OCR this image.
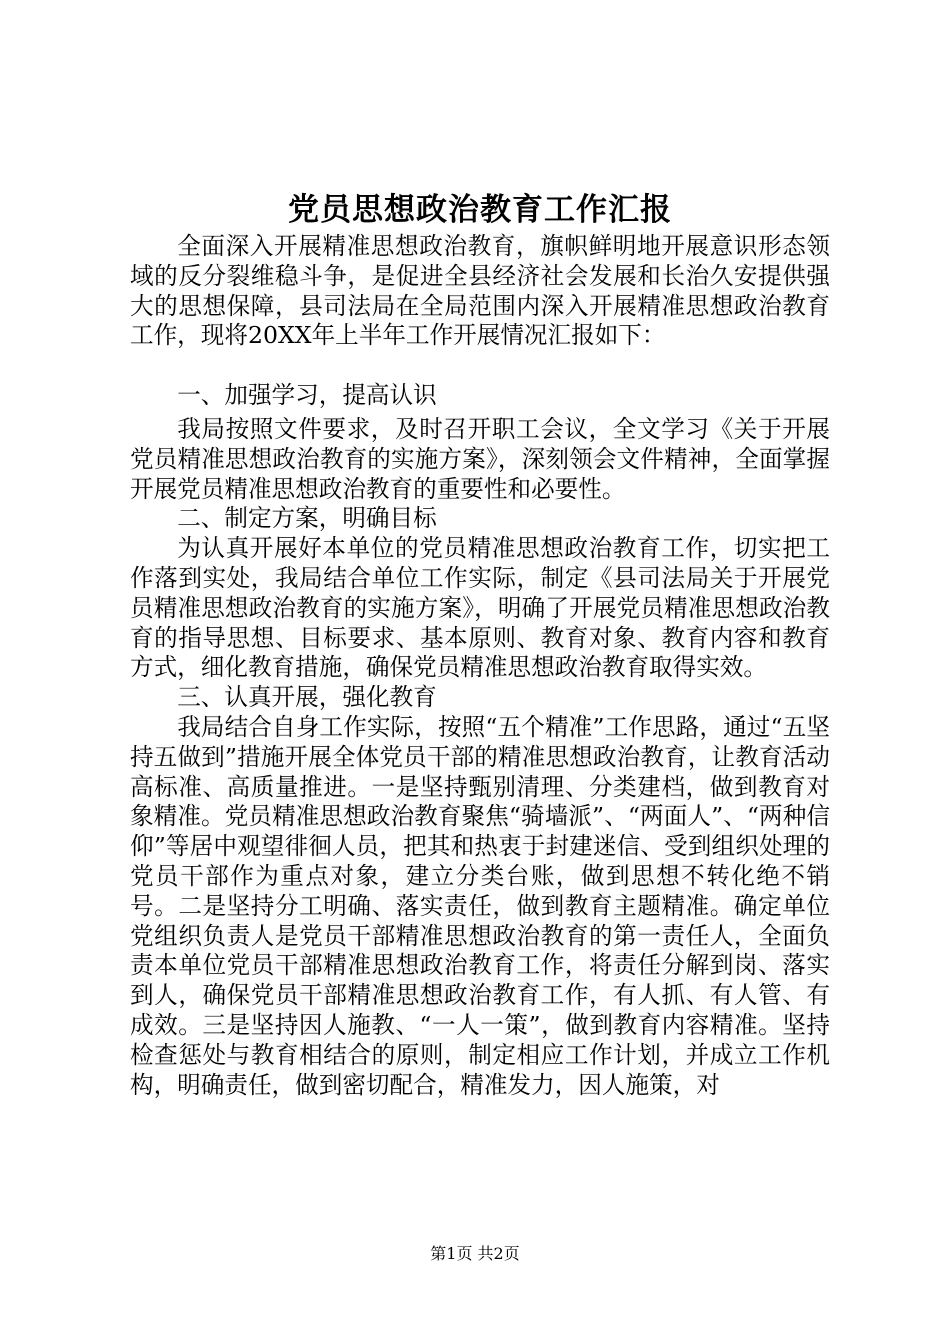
党员思想政治教育工作汇报

全面深入开展精准思想政治教育，旗帜鲜明地开展意识形态领域的反分裂维稳斗争，是促进全县经济社会发展和长治久安提供强大的思想保障，县司法局在全局范围内深入开展精准思想政治教育工作，现将20XX年上半年工作开展情况汇报如下：

一、加强学习，提高认识

我局按照文件要求，及时召开职工会议，全文学习《关于开展党员精准思想政治教育的实施方案》，深刻领会文件精神，全面掌握开展党员精准思想政治教育的重要性和必要性。

二、制定方案，明确目标

为认真开展好本单位的党员精准思想政治教育工作，切实把工作落到实处，我局结合单位工作实际，制定《县司法局关于开展党员精准思想政治教育的实施方案》，明确了开展党员精准思想政治教育的指导思想、目标要求、基本原则、教育对象、教育内容和教育方式，细化教育措施，确保党员精准思想政治教育取得实效。

三、认真开展，强化教育

我局结合自身工作实际，按照“五个精准”工作思路，通过“五坚持五做到”措施开展全体党员干部的精准思想政治教育，让教育活动高标准、高质量推进。一是坚持甄别清理、分类建档，做到教育对象精准。党员精准思想政治教育聚焦“骑墙派”、“两面人”、“两种信仰”等居中观望徘徊人员，把其和热衷于封建迷信、受到组织处理的党员干部作为重点对象，建立分类台账，做到思想不转化绝不销号。二是坚持分工明确、落实责任，做到教育主题精准。确定单位党组织负责人是党员干部精准思想政治教育的第一责任人，全面负责本单位党员干部精准思想政治教育工作，将责任分解到岗、落实到人，确保党员干部精准思想政治教育工作，有人抓、有人管、有成效。三是坚持因人施教、“一人一策”，做到教育内容精准。坚持检查惩处与教育相结合的原则，制定相应工作计划，并成立工作机构，明确责任，做到密切配合，精准发力，因人施策，对

第1页 共2页
